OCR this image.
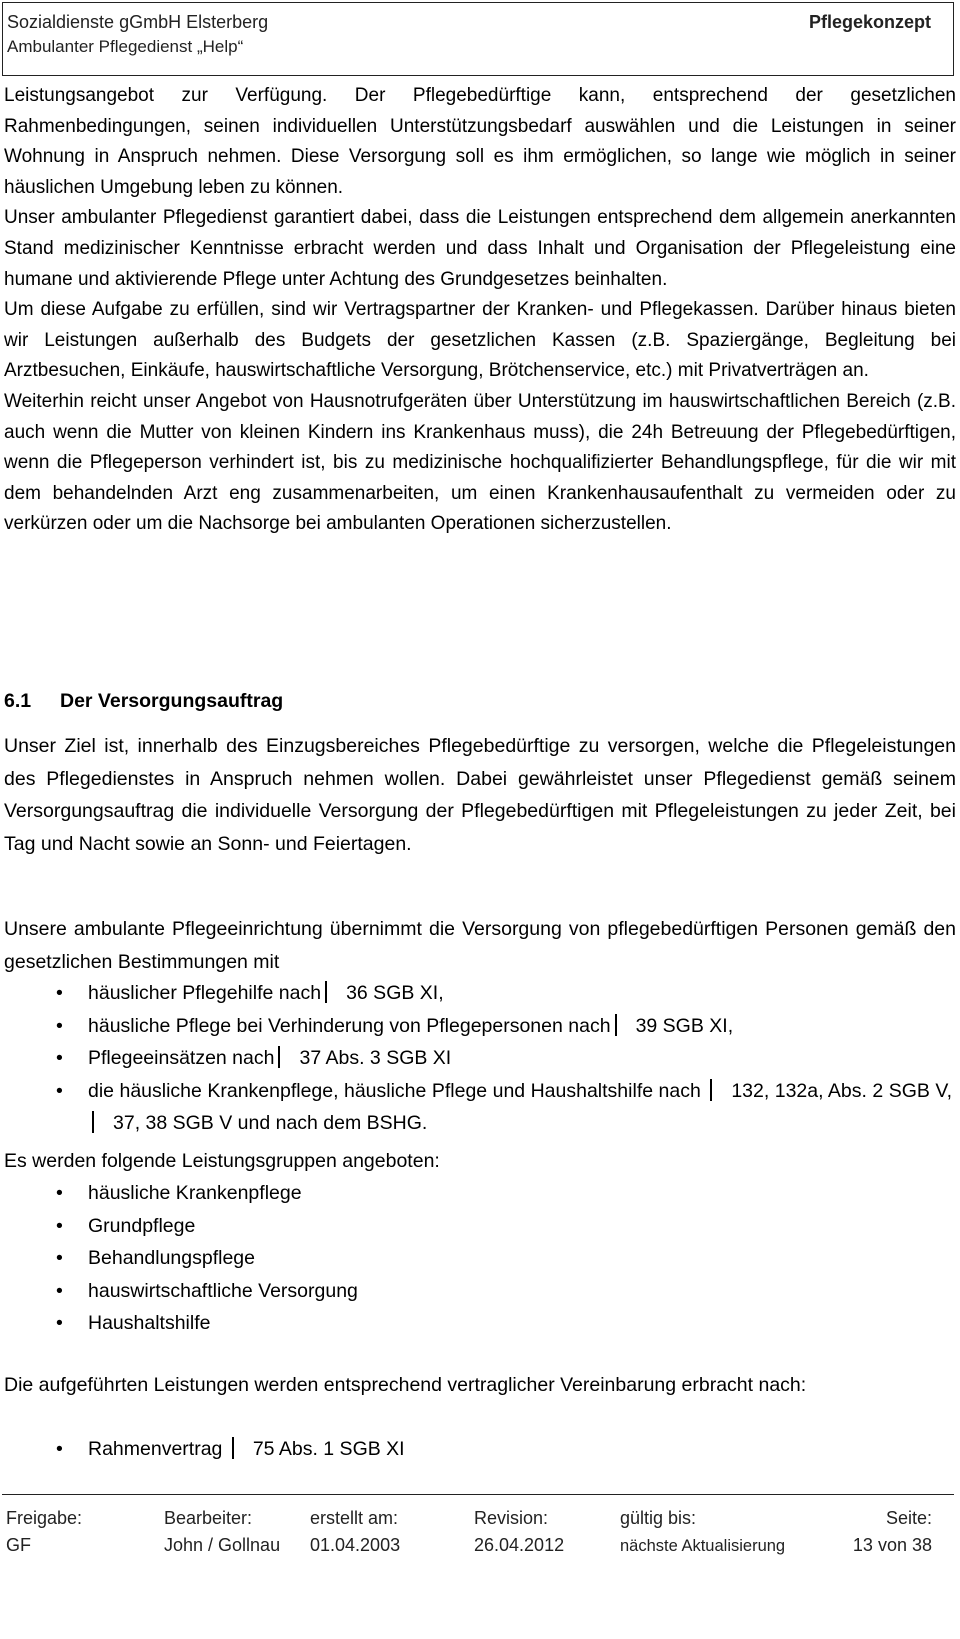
Sozialdienste gGmbH Elsterberg
Ambulanter Pflegedienst „Help“
Pflegekonzept
Leistungsangebot zur Verfügung. Der Pflegebedürftige kann, entsprechend der gesetzlichen Rahmenbedingungen, seinen individuellen Unterstützungsbedarf auswählen und die Leistungen in seiner Wohnung in Anspruch nehmen. Diese Versorgung soll es ihm ermöglichen, so lange wie möglich in seiner häuslichen Umgebung leben zu können.
Unser ambulanter Pflegedienst garantiert dabei, dass die Leistungen entsprechend dem allgemein anerkannten Stand medizinischer Kenntnisse erbracht werden und dass Inhalt und Organisation der Pflegeleistung eine humane und aktivierende Pflege unter Achtung des Grundgesetzes beinhalten.
Um diese Aufgabe zu erfüllen, sind wir Vertragspartner der Kranken- und Pflegekassen. Darüber hinaus bieten wir Leistungen außerhalb des Budgets der gesetzlichen Kassen (z.B. Spaziergänge, Begleitung bei Arztbesuchen, Einkäufe, hauswirtschaftliche Versorgung, Brötchenservice, etc.) mit Privatverträgen an.
Weiterhin reicht unser Angebot von Hausnotrufgeräten über Unterstützung im hauswirtschaftlichen Bereich (z.B. auch wenn die Mutter von kleinen Kindern ins Krankenhaus muss), die 24h Betreuung der Pflegebedürftigen, wenn die Pflegeperson verhindert ist, bis zu medizinische hochqualifizierter Behandlungspflege, für die wir mit dem behandelnden Arzt eng zusammenarbeiten, um einen Krankenhausaufenthalt zu vermeiden oder zu verkürzen oder um die Nachsorge bei ambulanten Operationen sicherzustellen.
6.1 Der Versorgungsauftrag
Unser Ziel ist, innerhalb des Einzugsbereiches Pflegebedürftige zu versorgen, welche die Pflegeleistungen des Pflegedienstes in Anspruch nehmen wollen. Dabei gewährleistet unser Pflegedienst gemäß seinem Versorgungsauftrag die individuelle Versorgung der Pflegebedürftigen mit Pflegeleistungen zu jeder Zeit, bei Tag und Nacht sowie an Sonn- und Feiertagen.
Unsere ambulante Pflegeeinrichtung übernimmt die Versorgung von pflegebedürftigen Personen gemäß den gesetzlichen Bestimmungen mit
• häuslicher Pflegehilfe nach 36 SGB XI,
• häusliche Pflege bei Verhinderung von Pflegepersonen nach 39 SGB XI,
• Pflegeeinsätzen nach 37 Abs. 3 SGB XI
• die häusliche Krankenpflege, häusliche Pflege und Haushaltshilfe nach 132, 132a, Abs. 2 SGB V, 37, 38 SGB V und nach dem BSHG.
Es werden folgende Leistungsgruppen angeboten:
• häusliche Krankenpflege
• Grundpflege
• Behandlungspflege
• hauswirtschaftliche Versorgung
• Haushaltshilfe
Die aufgeführten Leistungen werden entsprechend vertraglicher Vereinbarung erbracht nach:
• Rahmenvertrag 75 Abs. 1 SGB XI
Freigabe:
GF
Bearbeiter:
John / Gollnau
erstellt am:
01.04.2003
Revision:
26.04.2012
gültig bis:
nächste Aktualisierung
Seite:
13 von 38
